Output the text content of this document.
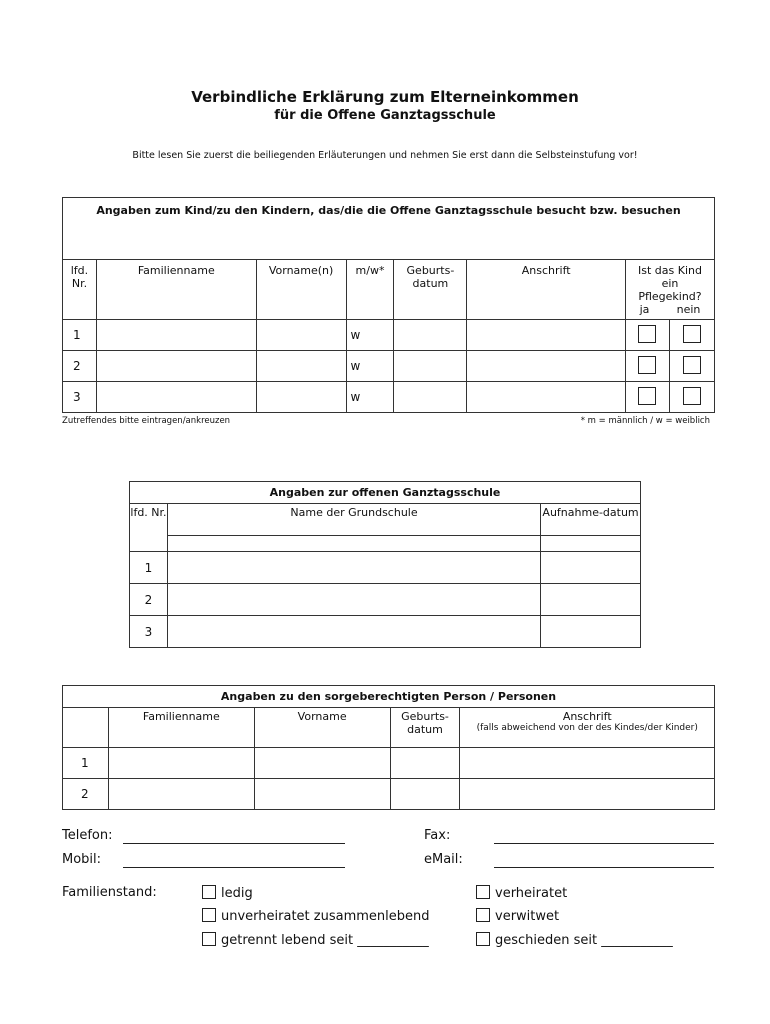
Verbindliche Erklärung zum Elterneinkommen
für die Offene Ganztagsschule
Bitte lesen Sie zuerst die beiliegenden Erläuterungen und nehmen Sie erst dann die Selbsteinstufung vor!
Angaben zum Kind/zu den Kindern, das/die die Offene Ganztagsschule besucht bzw. besuchen							
lfd. Nr.	Familienname	Vorname(n)	m/w*	Geburts-datum	Anschrift	Ist das Kind ein Pflegekind?
ja nein	

1			w				
2			w				
3			w				
Zutreffendes bitte eintragen/ankreuzen	* m = männlich / w = weiblich
Angaben zur offenen Ganztagsschule		
lfd. Nr.	Name der Grundschule	Aufnahme-datum

1		
2		
3		
Angaben zu den sorgeberechtigten Person / Personen				
	Familienname	Vorname	Geburts-datum	Anschrift
(falls abweichend von der des Kindes/der Kinder)

1				
2				
Telefon:	Fax:
Mobil:	eMail:
Familienstand:	ledig
unverheiratet zusammenlebend
getrennt lebend seit ___________
verheiratet
verwitwet
geschieden seit ___________
